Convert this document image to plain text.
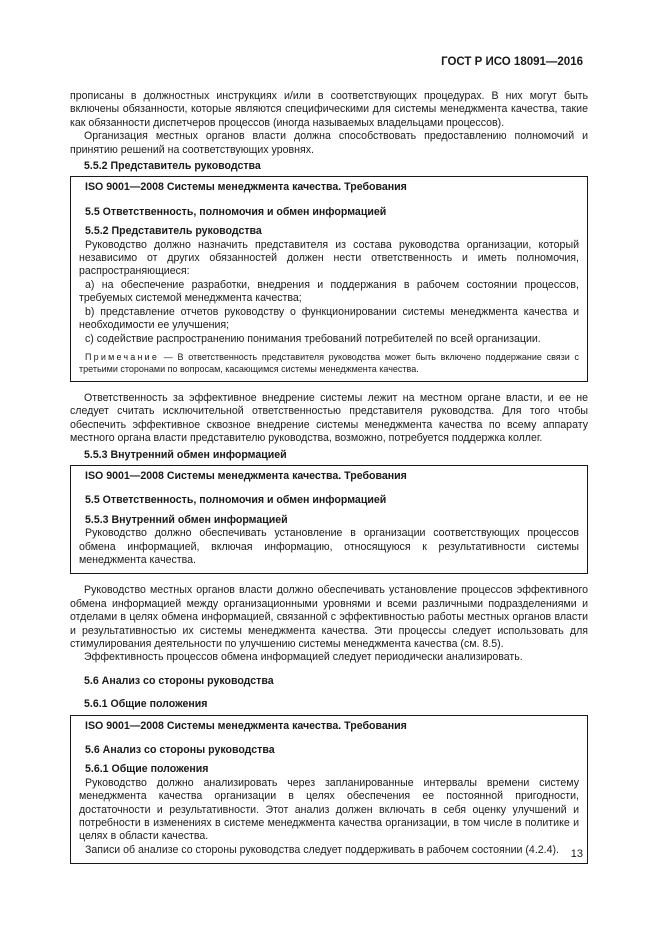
ГОСТ Р ИСО 18091—2016

прописаны в должностных инструкциях и/или в соответствующих процедурах. В них могут быть включены обязанности, которые являются специфическими для системы менеджмента качества, такие как обязанности диспетчеров процессов (иногда называемых владельцами процессов).

Организация местных органов власти должна способствовать предоставлению полномочий и принятию решений на соответствующих уровнях.

5.5.2 Представитель руководства
ISO 9001—2008 Системы менеджмента качества. Требования
5.5 Ответственность, полномочия и обмен информацией
5.5.2 Представитель руководства

Руководство должно назначить представителя из состава руководства организации, который независимо от других обязанностей должен нести ответственность и иметь полномочия, распространяющиеся:

a) на обеспечение разработки, внедрения и поддержания в рабочем состоянии процессов, требуемых системой менеджмента качества;
b) представление отчетов руководству о функционировании системы менеджмента качества и необходимости ее улучшения;
c) содействие распространению понимания требований потребителей по всей организации.
Примечание — В ответственность представителя руководства может быть включено поддержание связи с третьими сторонами по вопросам, касающимся системы менеджмента качества.

Ответственность за эффективное внедрение системы лежит на местном органе власти, и ее не следует считать исключительной ответственностью представителя руководства. Для того чтобы обеспечить эффективное сквозное внедрение системы менеджмента качества по всему аппарату местного органа власти представителю руководства, возможно, потребуется поддержка коллег.

5.5.3 Внутренний обмен информацией
ISO 9001—2008 Системы менеджмента качества. Требования
5.5 Ответственность, полномочия и обмен информацией
5.5.3 Внутренний обмен информацией

Руководство должно обеспечивать установление в организации соответствующих процессов обмена информацией, включая информацию, относящуюся к результативности системы менеджмента качества.

Руководство местных органов власти должно обеспечивать установление процессов эффективного обмена информацией между организационными уровнями и всеми различными подразделениями и отделами в целях обмена информацией, связанной с эффективностью работы местных органов власти и результативностью их системы менеджмента качества. Эти процессы следует использовать для стимулирования деятельности по улучшению системы менеджмента качества (см. 8.5).

Эффективность процессов обмена информацией следует периодически анализировать.

5.6 Анализ со стороны руководства
5.6.1 Общие положения
ISO 9001—2008 Системы менеджмента качества. Требования
5.6 Анализ со стороны руководства
5.6.1 Общие положения

Руководство должно анализировать через запланированные интервалы времени систему менеджмента качества организации в целях обеспечения ее постоянной пригодности, достаточности и результативности. Этот анализ должен включать в себя оценку улучшений и потребности в изменениях в системе менеджмента качества организации, в том числе в политике и целях в области качества.

Записи об анализе со стороны руководства следует поддерживать в рабочем состоянии (4.2.4).	13
